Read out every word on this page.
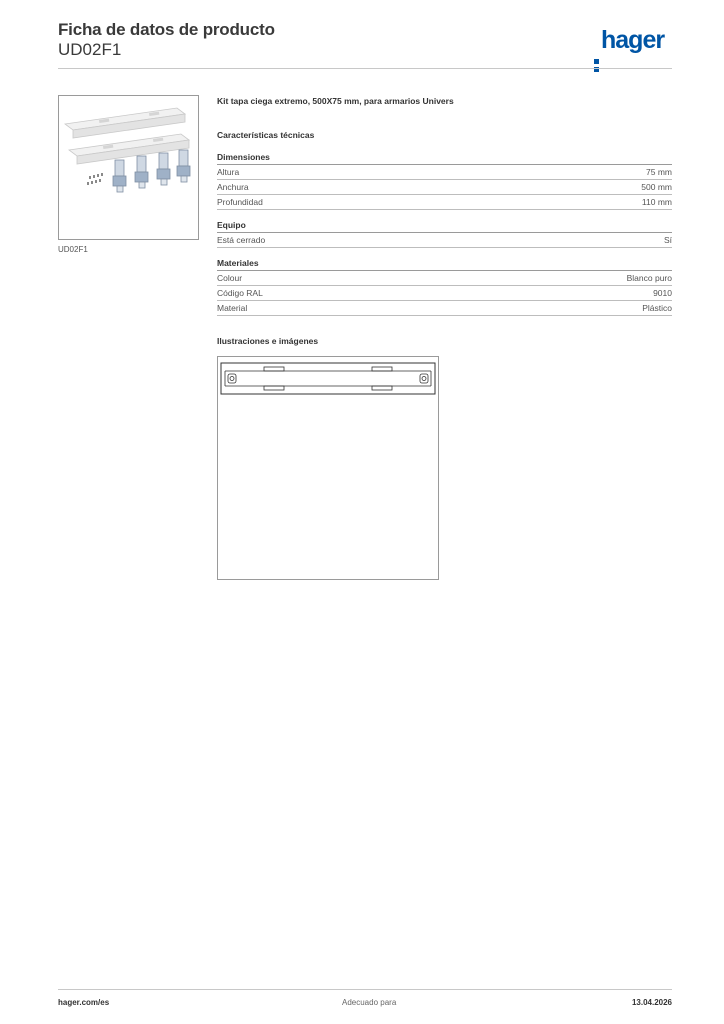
Ficha de datos de producto
UD02F1	hager
UD02F1
Kit tapa ciega extremo, 500X75 mm, para armarios Univers
Características técnicas
Dimensiones
Altura	75 mm
Anchura	500 mm
Profundidad	110 mm
Equipo
Está cerrado	Sí
Materiales
Colour	Blanco puro
Código RAL	9010
Material	Plástico
Ilustraciones e imágenes
hager.com/es	Adecuado para	13.04.2026
